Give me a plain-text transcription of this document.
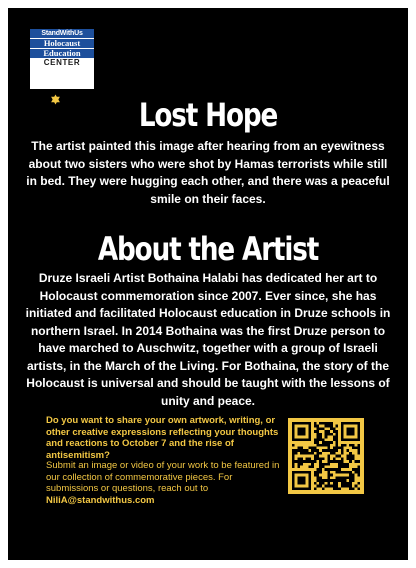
StandWithUs
Holocaust
Education
CENTER
Lost Hope
The artist painted this image after hearing from an eyewitness about two sisters who were shot by Hamas terrorists while still in bed. They were hugging each other, and there was a peaceful smile on their faces.
About the Artist
Druze Israeli Artist Bothaina Halabi has dedicated her art to Holocaust commemoration since 2007. Ever since, she has initiated and facilitated Holocaust education in Druze schools in northern Israel. In 2014 Bothaina was the first Druze person to have marched to Auschwitz, together with a group of Israeli artists, in the March of the Living. For Bothaina, the story of the Holocaust is universal and should be taught with the lessons of unity and peace.
Do you want to share your own artwork, writing, or other creative expressions reflecting your thoughts and reactions to October 7 and the rise of antisemitism?
Submit an image or video of your work to be featured in our collection of commemorative pieces. For submissions or questions, reach out to NiliA@standwithus.com
